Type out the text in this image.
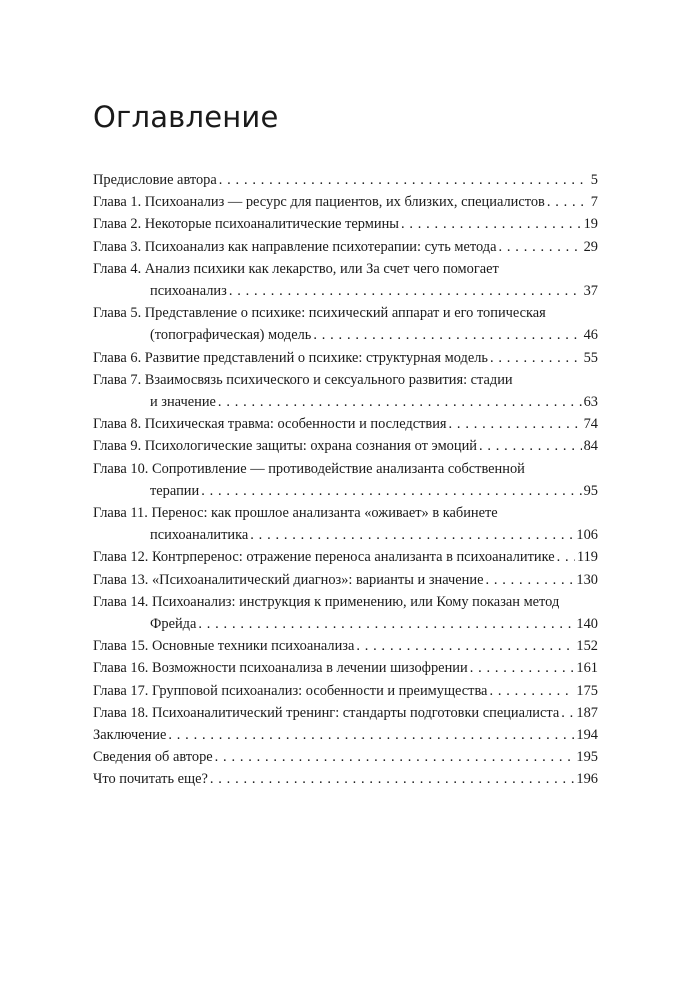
Оглавление
Предисловие автора . . .	5
Глава 1. Психоанализ — ресурс для пациентов, их близких, специалистов . . .	7
Глава 2. Некоторые психоаналитические термины . . .	19
Глава 3. Психоанализ как направление психотерапии: суть метода . . .	29
Глава 4. Анализ психики как лекарство, или За счет чего помогает
психоанализ . . .	37
Глава 5. Представление о психике: психический аппарат и его топическая
(топографическая) модель . . .	46
Глава 6. Развитие представлений о психике: структурная модель . . .	55
Глава 7. Взаимосвязь психического и сексуального развития: стадии
и значение . . .	63
Глава 8. Психическая травма: особенности и последствия . . .	74
Глава 9. Психологические защиты: охрана сознания от эмоций . . .	84
Глава 10. Сопротивление — противодействие анализанта собственной
терапии . . .	95
Глава 11. Перенос: как прошлое анализанта «оживает» в кабинете
психоаналитика . . .	106
Глава 12. Контрперенос: отражение переноса анализанта в психоаналитике . . . 119
Глава 13. «Психоаналитический диагноз»: варианты и значение . . .	130
Глава 14. Психоанализ: инструкция к применению, или Кому показан метод
Фрейда . . .	140
Глава 15. Основные техники психоанализа . . .	152
Глава 16. Возможности психоанализа в лечении шизофрении . . .	161
Глава 17. Групповой психоанализ: особенности и преимущества . . .	175
Глава 18. Психоаналитический тренинг: стандарты подготовки специалиста . . . 187
Заключение . . .	194
Сведения об авторе . . .	195
Что почитать еще? . . .	196
